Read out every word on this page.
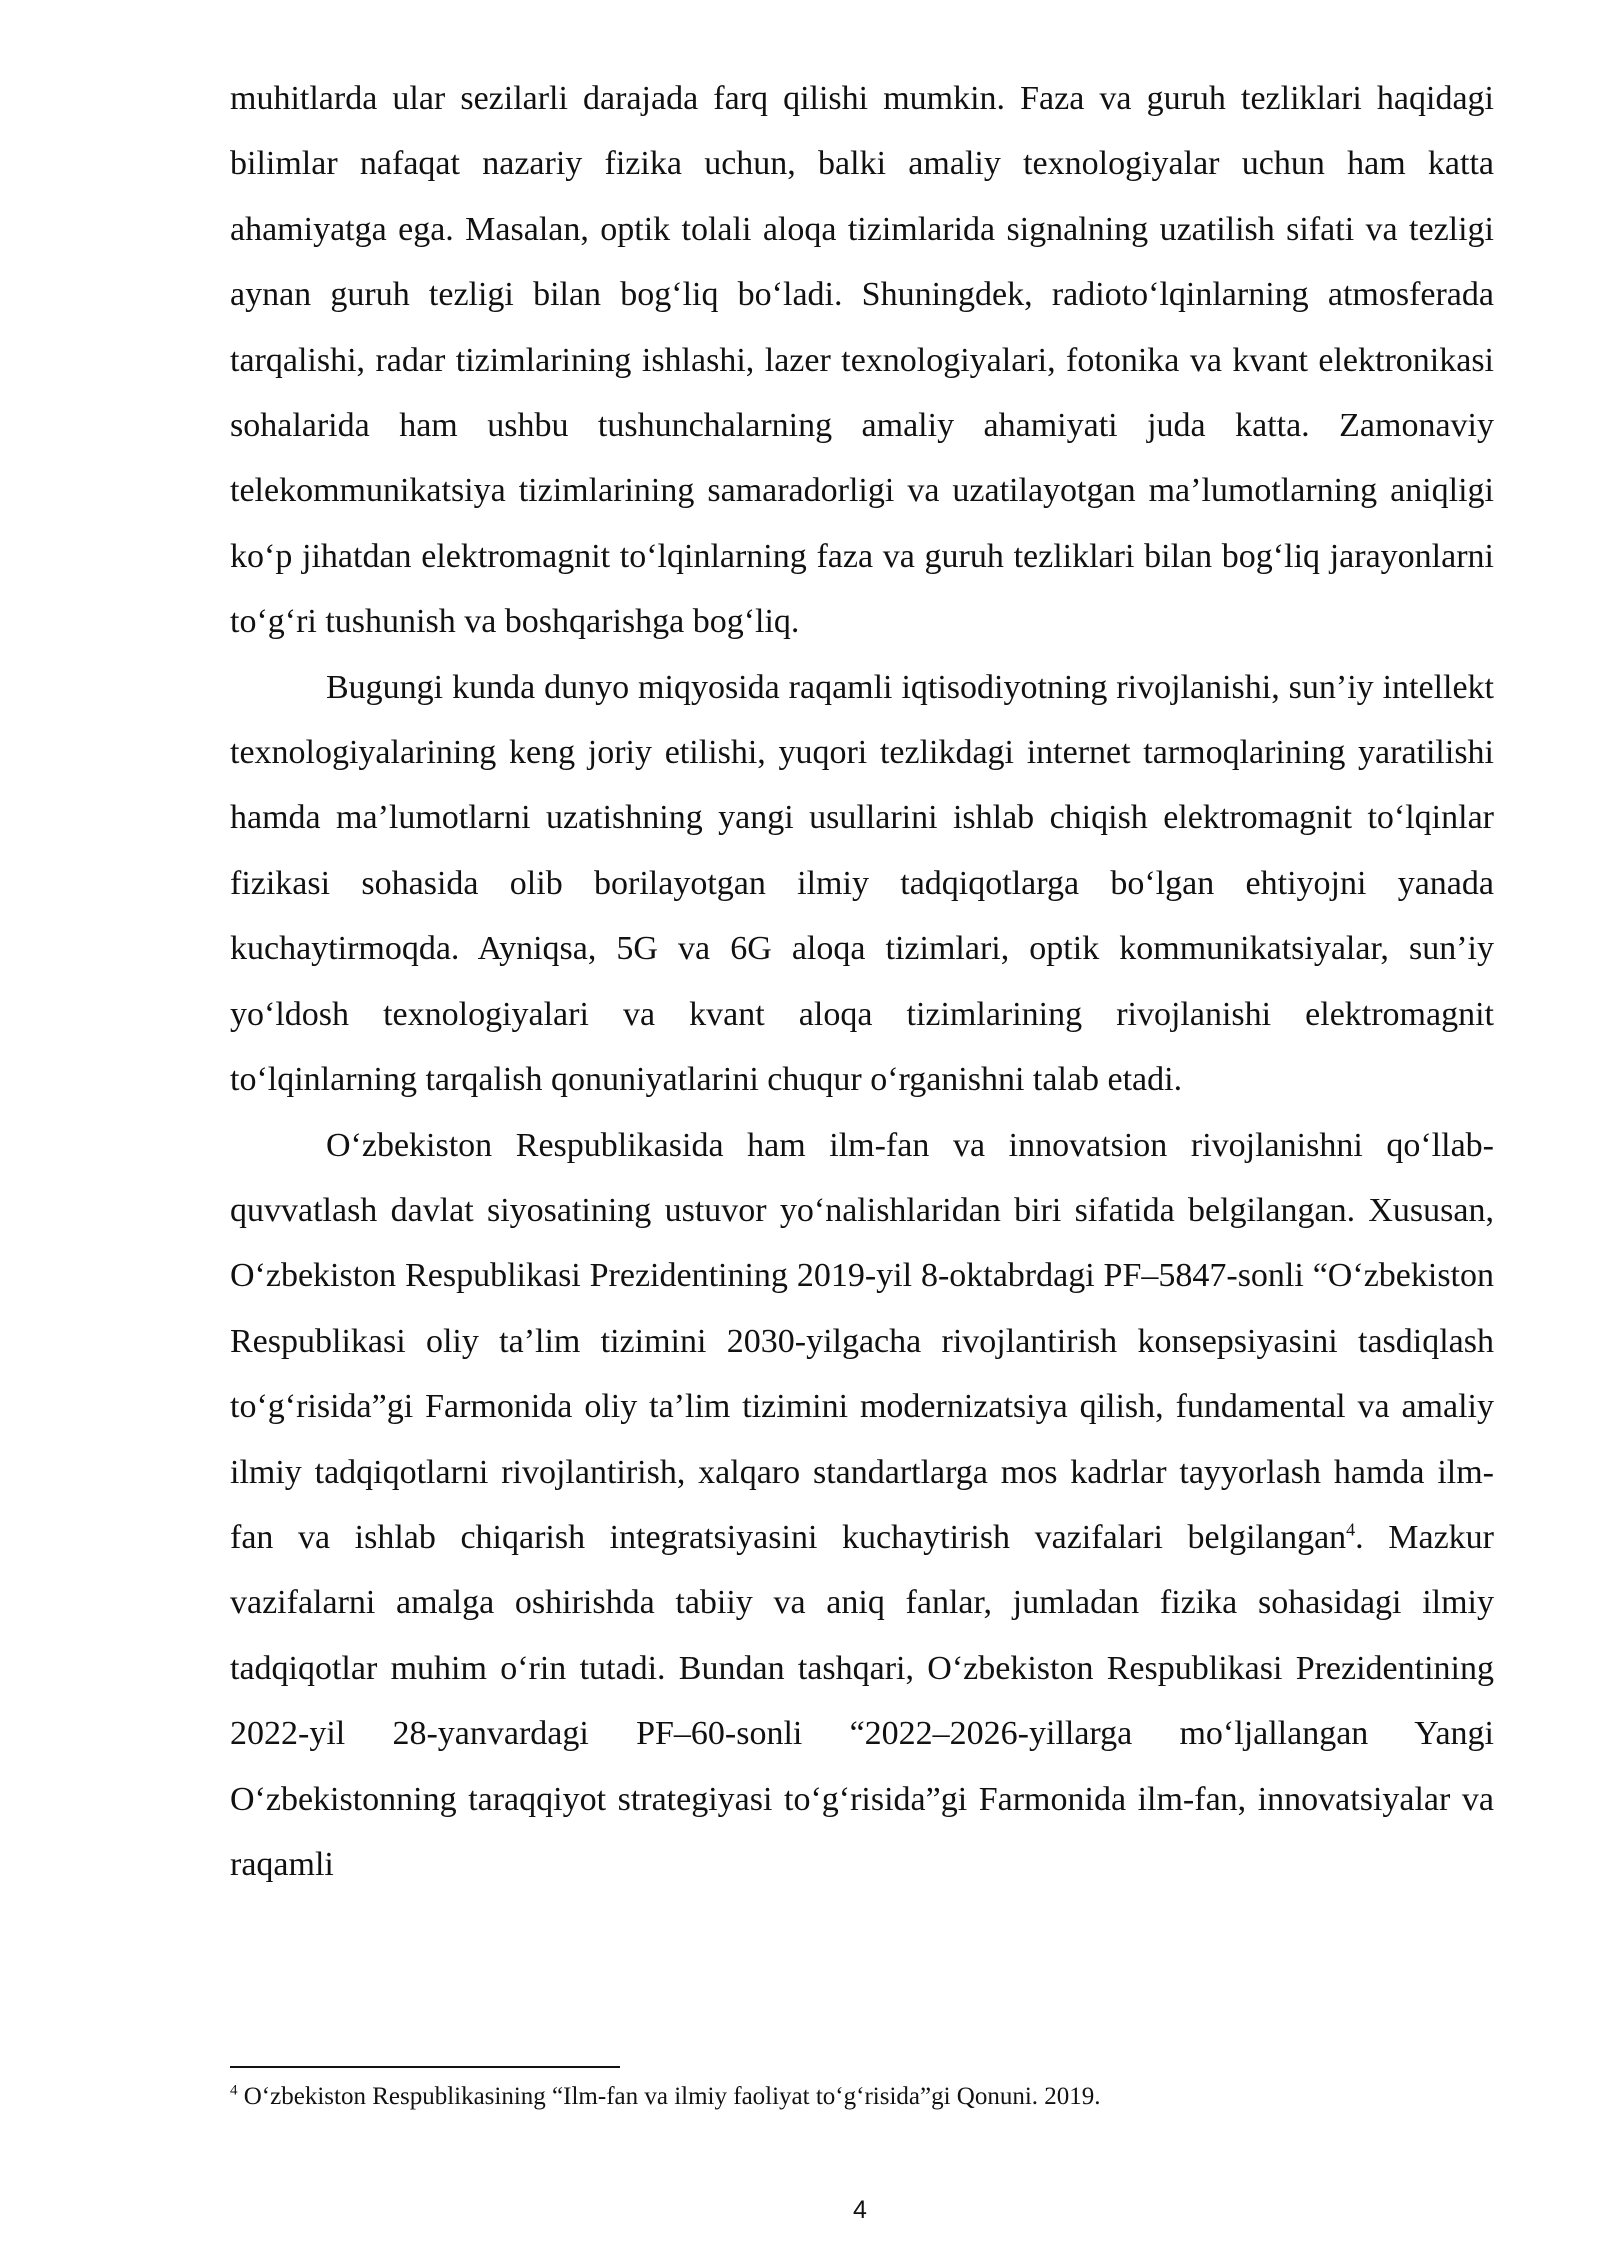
muhitlarda ular sezilarli darajada farq qilishi mumkin. Faza va guruh tezliklari haqidagi bilimlar nafaqat nazariy fizika uchun, balki amaliy texnologiyalar uchun ham katta ahamiyatga ega. Masalan, optik tolali aloqa tizimlarida signalning uzatilish sifati va tezligi aynan guruh tezligi bilan bog‘liq bo‘ladi. Shuningdek, radioto‘lqinlarning atmosferada tarqalishi, radar tizimlarining ishlashi, lazer texnologiyalari, fotonika va kvant elektronikasi sohalarida ham ushbu tushunchalarning amaliy ahamiyati juda katta. Zamonaviy telekommunikatsiya tizimlarining samaradorligi va uzatilayotgan ma’lumotlarning aniqligi ko‘p jihatdan elektromagnit to‘lqinlarning faza va guruh tezliklari bilan bog‘liq jarayonlarni to‘g‘ri tushunish va boshqarishga bog‘liq.

Bugungi kunda dunyo miqyosida raqamli iqtisodiyotning rivojlanishi, sun’iy intellekt texnologiyalarining keng joriy etilishi, yuqori tezlikdagi internet tarmoqlarining yaratilishi hamda ma’lumotlarni uzatishning yangi usullarini ishlab chiqish elektromagnit to‘lqinlar fizikasi sohasida olib borilayotgan ilmiy tadqiqotlarga bo‘lgan ehtiyojni yanada kuchaytirmoqda. Ayniqsa, 5G va 6G aloqa tizimlari, optik kommunikatsiyalar, sun’iy yo‘ldosh texnologiyalari va kvant aloqa tizimlarining rivojlanishi elektromagnit to‘lqinlarning tarqalish qonuniyatlarini chuqur o‘rganishni talab etadi.

O‘zbekiston Respublikasida ham ilm-fan va innovatsion rivojlanishni qo‘llab-quvvatlash davlat siyosatining ustuvor yo‘nalishlaridan biri sifatida belgilangan. Xususan, O‘zbekiston Respublikasi Prezidentining 2019-yil 8-oktabrdagi PF–5847-sonli “O‘zbekiston Respublikasi oliy ta’lim tizimini 2030-yilgacha rivojlantirish konsepsiyasini tasdiqlash to‘g‘risida”gi Farmonida oliy ta’lim tizimini modernizatsiya qilish, fundamental va amaliy ilmiy tadqiqotlarni rivojlantirish, xalqaro standartlarga mos kadrlar tayyorlash hamda ilm-fan va ishlab chiqarish integratsiyasini kuchaytirish vazifalari belgilangan$^4$. Mazkur vazifalarni amalga oshirishda tabiiy va aniq fanlar, jumladan fizika sohasidagi ilmiy tadqiqotlar muhim o‘rin tutadi. Bundan tashqari, O‘zbekiston Respublikasi Prezidentining 2022-yil 28-yanvardagi PF–60-sonli “2022–2026-yillarga mo‘ljallangan Yangi O‘zbekistonning taraqqiyot strategiyasi to‘g‘risida”gi Farmonida ilm-fan, innovatsiyalar va raqamli

$^4$ O‘zbekiston Respublikasining “Ilm-fan va ilmiy faoliyat to‘g‘risida”gi Qonuni. 2019.
4
